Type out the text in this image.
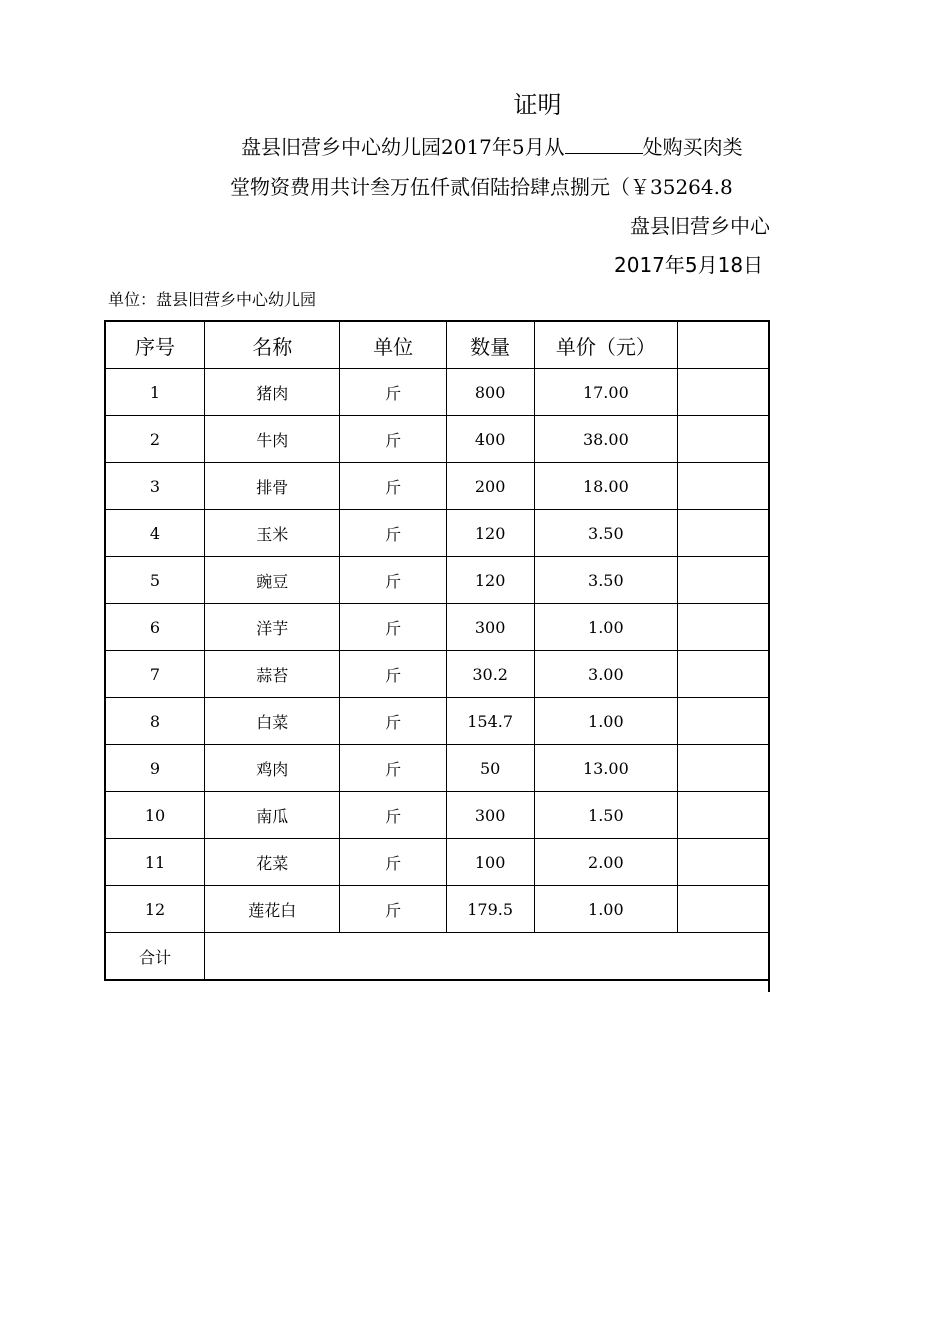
证明
盘县旧营乡中心幼儿园2017年5月从	处购买肉类
堂物资费用共计叁万伍仟贰佰陆拾肆点捌元（￥35264.8
盘县旧营乡中心
2017年5月18日
单位：盘县旧营乡中心幼儿园
序号	名称	单位	数量	单价（元）	
1	猪肉	斤	800	17.00	
2	牛肉	斤	400	38.00	
3	排骨	斤	200	18.00	
4	玉米	斤	120	3.50	
5	豌豆	斤	120	3.50	
6	洋芋	斤	300	1.00	
7	蒜苔	斤	30.2	3.00	
8	白菜	斤	154.7	1.00	
9	鸡肉	斤	50	13.00	
10	南瓜	斤	300	1.50	
11	花菜	斤	100	2.00	
12	莲花白	斤	179.5	1.00	
合计					
